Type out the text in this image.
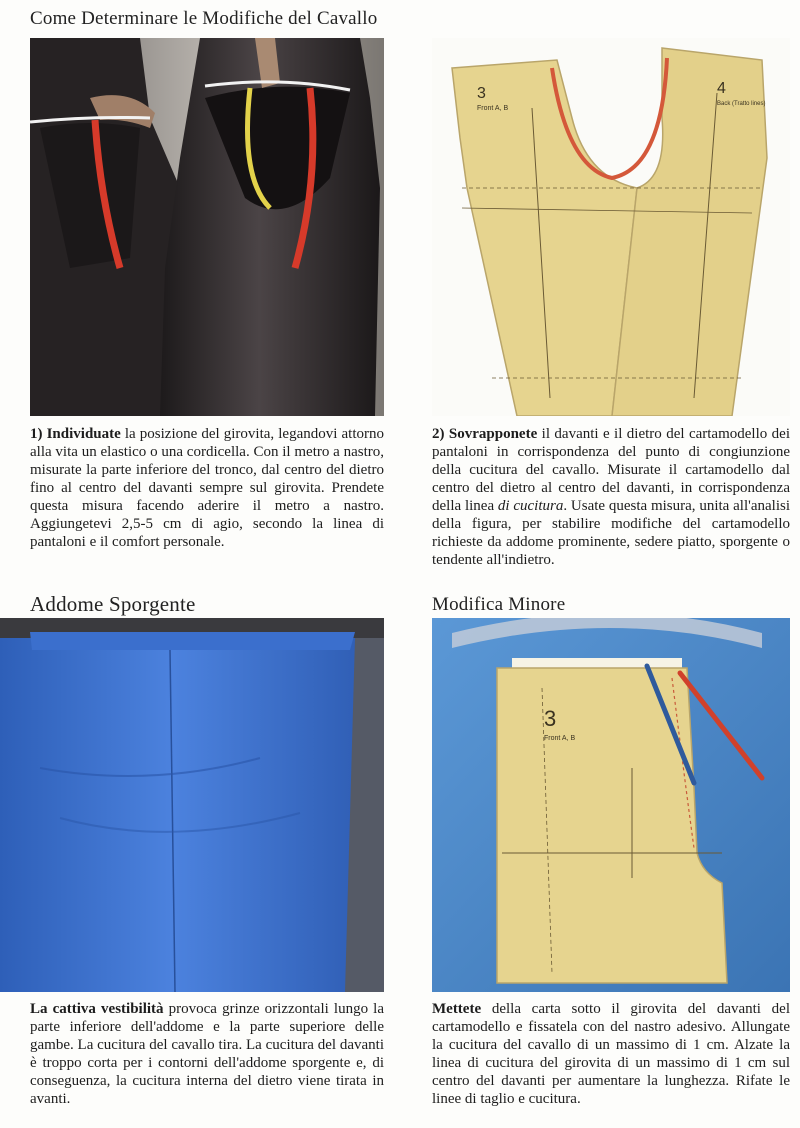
Come Determinare le Modifiche del Cavallo
1) Individuate la posizione del girovita, legandovi attorno alla vita un elastico o una cordicella. Con il metro a nastro, misurate la parte inferiore del tronco, dal centro del dietro fino al centro del davanti sempre sul girovita. Prendete questa misura facendo aderire il metro a nastro. Aggiungetevi 2,5-5 cm di agio, secondo la linea di pantaloni e il comfort personale.
3
Front A, B
4
Back (Tratto lines)
2) Sovrapponete il davanti e il dietro del cartamodello dei pantaloni in corrispondenza del punto di congiunzione della cucitura del cavallo. Misurate il cartamodello dal centro del dietro al centro del davanti, in corrispondenza della linea di cucitura. Usate questa misura, unita all'analisi della figura, per stabilire modifiche del cartamodello richieste da addome prominente, sedere piatto, sporgente o tendente all'indietro.
Addome Sporgente
La cattiva vestibilità provoca grinze orizzontali lungo la parte inferiore dell'addome e la parte superiore delle gambe. La cucitura del cavallo tira. La cucitura del davanti è troppo corta per i contorni dell'addome sporgente e, di conseguenza, la cucitura interna del dietro viene tirata in avanti.
Modifica Minore
3
Front A, B
Mettete della carta sotto il girovita del davanti del cartamodello e fissatela con del nastro adesivo. Allungate la cucitura del cavallo di un massimo di 1 cm. Alzate la linea di cucitura del girovita di un massimo di 1 cm sul centro del davanti per aumentare la lunghezza. Rifate le linee di taglio e cucitura.
